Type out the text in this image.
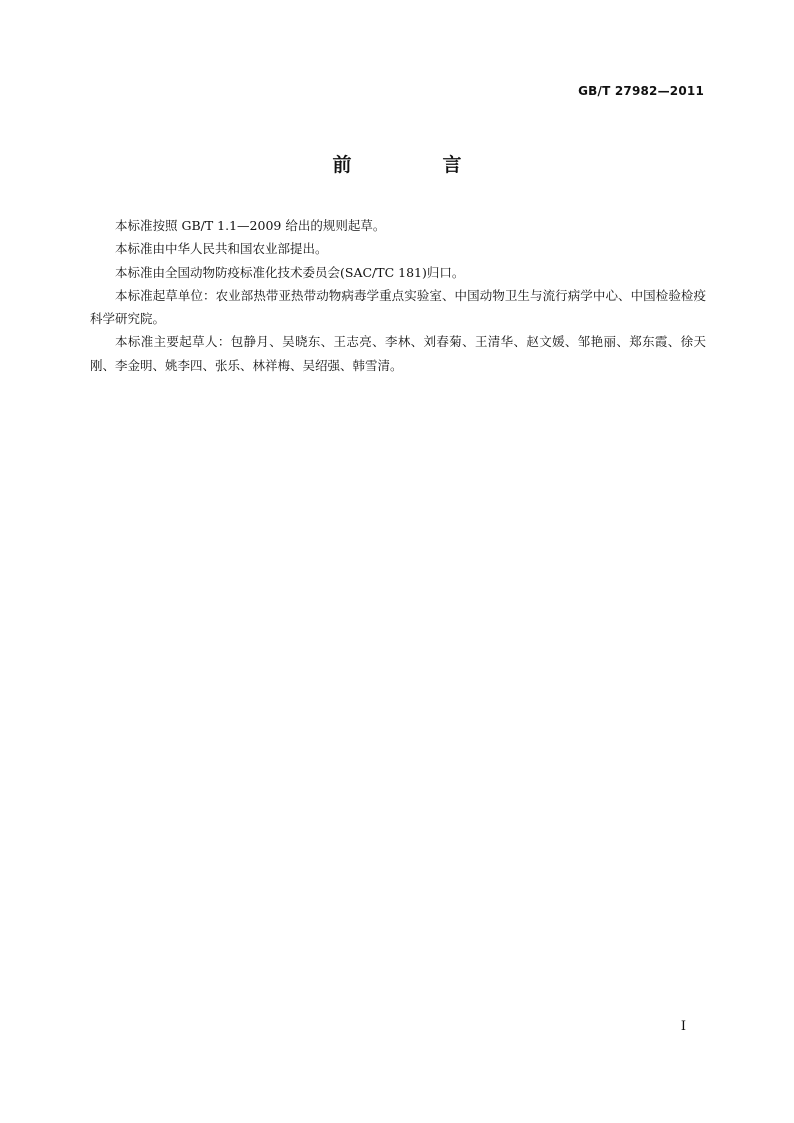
GB/T 27982—2011
前　言

本标准按照 GB/T 1.1—2009 给出的规则起草。

本标准由中华人民共和国农业部提出。

本标准由全国动物防疫标准化技术委员会(SAC/TC 181)归口。

本标准起草单位：农业部热带亚热带动物病毒学重点实验室、中国动物卫生与流行病学中心、中国检验检疫科学研究院。

本标准主要起草人：包静月、吴晓东、王志亮、李林、刘春菊、王清华、赵文媛、邹艳丽、郑东霞、徐天刚、李金明、姚李四、张乐、林祥梅、吴绍强、韩雪清。

I
